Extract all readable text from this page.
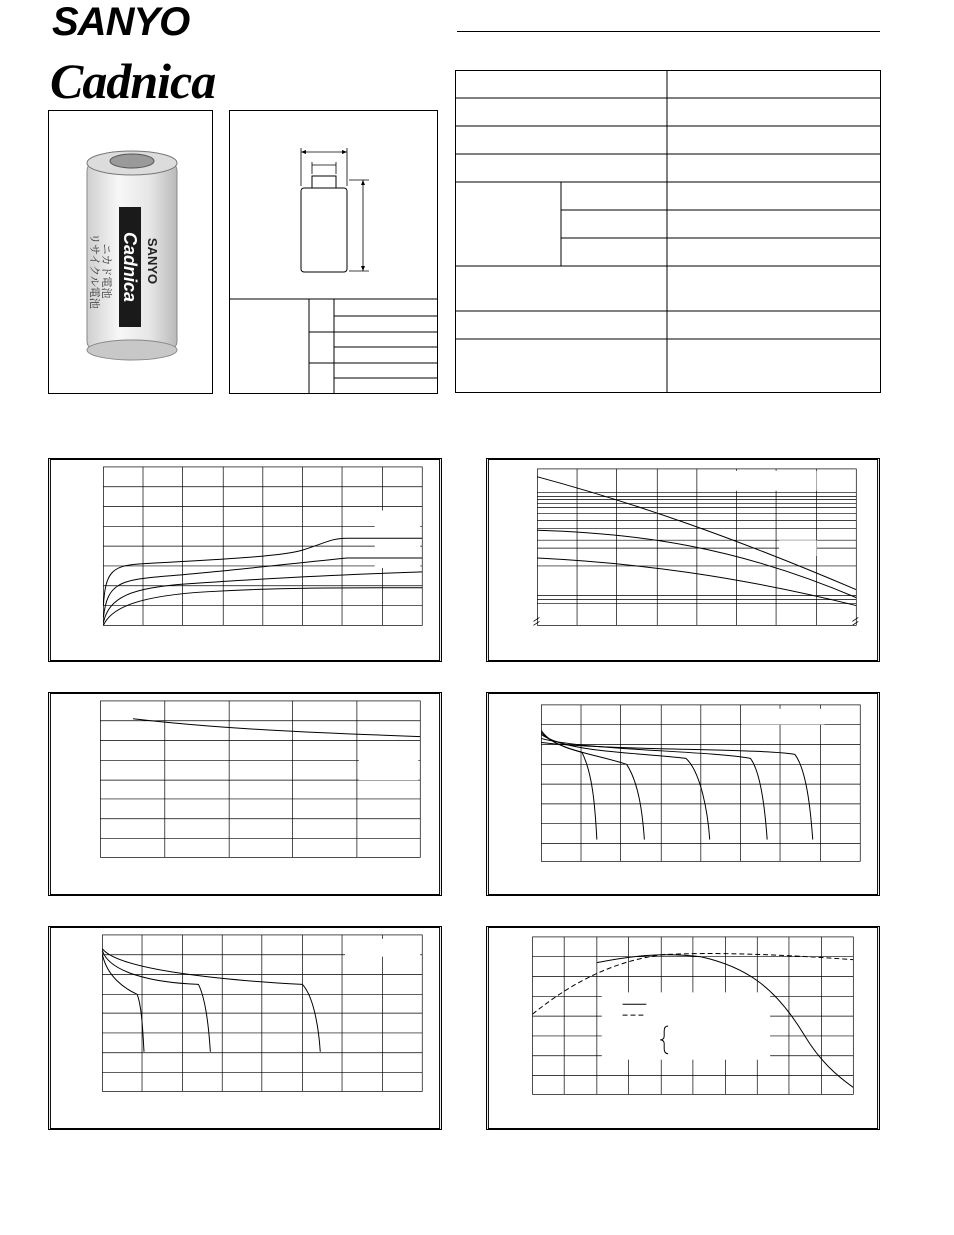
SANYO
Cadnica
Cadnica SANYO
ニカド電池
リサイクル電池
